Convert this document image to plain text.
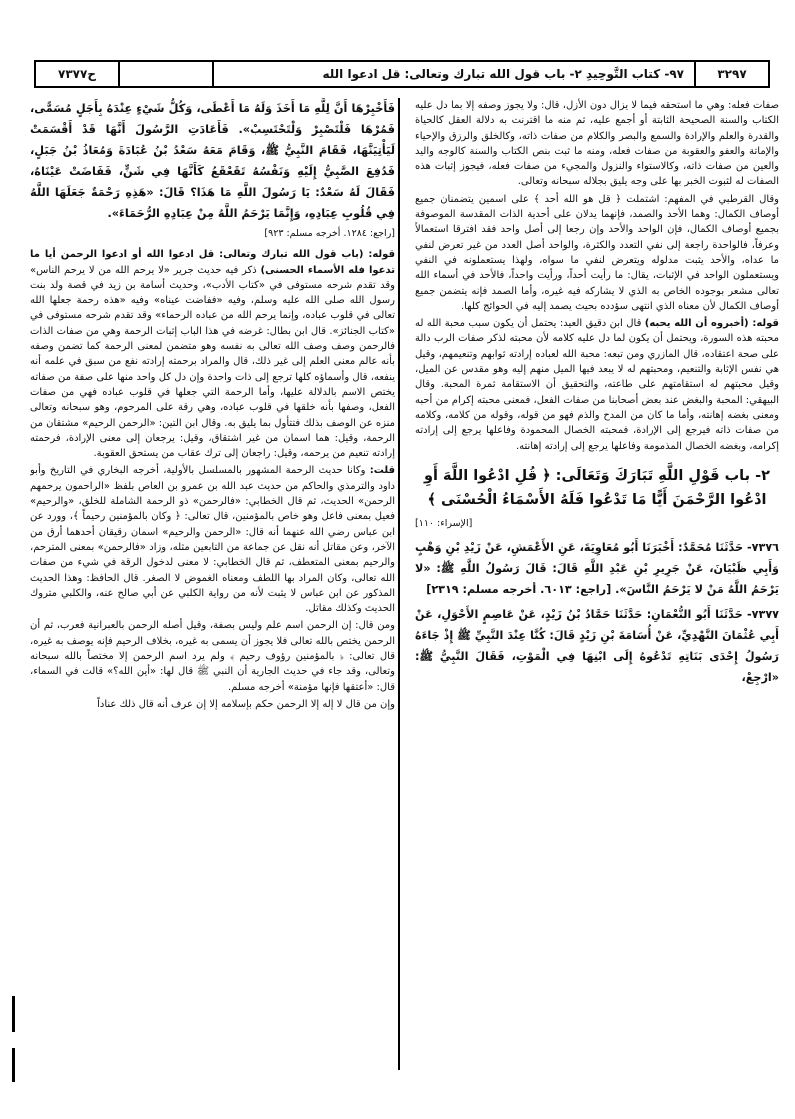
٣٢٩٧
٩٧- كتاب التَّوحِيدِ ٢- باب قول الله تبارك وتعالى: قل ادعوا الله
ح٧٣٧٧

صفات فعله: وهي ما استحقه فيما لا يزال دون الأزل، قال: ولا يجوز وصفه إلا بما دل عليه الكتاب والسنة الصحيحة الثابتة أو أجمع عليه، ثم منه ما اقترنت به دلالة العقل كالحياة والقدرة والعلم والإرادة والسمع والبصر والكلام من صفات ذاته، وكالخلق والرزق والإحياء والإماتة والعفو والعقوبة من صفات فعله، ومنه ما ثبت بنص الكتاب والسنة كالوجه واليد والعين من صفات ذاته، وكالاستواء والنزول والمجيء من صفات فعله، فيجوز إثبات هذه الصفات له لثبوت الخبر بها على وجه يليق بجلاله سبحانه وتعالى.

وقال القرطبي في المفهم: اشتملت ﴿ قل هو الله أحد ﴾ على اسمين يتضمنان جميع أوصاف الكمال: وهما الأحد والصمد، فإنهما يدلان على أحدية الذات المقدسة الموصوفة بجميع أوصاف الكمال، فإن الواحد والأحد وإن رجعا إلى أصل واحد فقد افترقا استعمالاً وعرفاً، فالواحدة راجعة إلى نفي التعدد والكثرة، والواحد أصل العدد من غير تعرض لنفي ما عداه، والأحد يثبت مدلوله ويتعرض لنفي ما سواه، ولهذا يستعملونه في النفي ويستعملون الواحد في الإثبات، يقال: ما رأيت أحداً، ورأيت واحداً، فالأحد في أسماء الله تعالى مشعر بوجوده الخاص به الذي لا يشاركه فيه غيره، وأما الصمد فإنه يتضمن جميع أوصاف الكمال لأن معناه الذي انتهى سؤدده بحيث يصمد إليه في الحوائج كلها.

قوله: (أخبروه أن الله يحبه) قال ابن دقيق العيد: يحتمل أن يكون سبب محبة الله له محبته هذه السورة، ويحتمل أن يكون لما دل عليه كلامه لأن محبته لذكر صفات الرب دالة على صحة اعتقاده، قال المازري ومن تبعه: محبة الله لعباده إرادته ثوابهم وتنعيمهم، وقيل هي نفس الإثابة والتنعيم، ومحبتهم له لا يبعد فيها الميل منهم إليه وهو مقدس عن الميل، وقيل محبتهم له استقامتهم على طاعته، والتحقيق أن الاستقامة ثمرة المحبة. وقال البيهقي: المحبة والبغض عند بعض أصحابنا من صفات الفعل، فمعنى محبته إكرام من أحبه ومعنى بغضه إهانته، وأما ما كان من المدح والذم فهو من قوله، وقوله من كلامه، وكلامه من صفات ذاته فيرجع إلى الإرادة، فمحبته الخصال المحمودة وفاعلها يرجع إلى إرادته إكرامه، وبغضه الخصال المذمومة وفاعلها يرجع إلى إرادته إهانته.

٢- باب قَوْلِ اللَّهِ تَبَارَكَ وَتَعَالَى: ﴿ قُلِ ادْعُوا اللَّهَ أَوِ ادْعُوا الرَّحْمَنَ أَيًّا مَا تَدْعُوا فَلَهُ الأَسْمَاءُ الْحُسْنَى ﴾

[الإسراء: ١١٠]

٧٣٧٦- حَدَّثَنَا مُحَمَّدٌ: أَخْبَرَنَا أَبُو مُعَاوِيَةَ، عَنِ الأَعْمَشِ، عَنْ زَيْدِ بْنِ وَهْبٍ وَأَبِي ظَبْيَانَ، عَنْ جَرِيرِ بْنِ عَبْدِ اللَّهِ قَالَ: قَالَ رَسُولُ اللَّهِ ﷺ: «لا يَرْحَمُ اللَّهُ مَنْ لا يَرْحَمُ النَّاسَ». [راجع: ٦٠١٣. أخرجه مسلم: ٢٣١٩]

٧٣٧٧- حَدَّثَنَا أَبُو النُّعْمَانِ: حَدَّثَنَا حَمَّادُ بْنُ زَيْدٍ، عَنْ عَاصِمٍ الأَحْوَلِ، عَنْ أَبِي عُثْمَانَ النَّهْدِيِّ، عَنْ أُسَامَةَ بْنِ زَيْدٍ قَالَ: كُنَّا عِنْدَ النَّبِيِّ ﷺ إِذْ جَاءَهُ رَسُولُ إِحْدَى بَنَاتِهِ تَدْعُوهُ إِلَى ابْنِهَا فِي الْمَوْتِ، فَقَالَ النَّبِيُّ ﷺ: «ارْجِعْ،

فَأَخْبِرْهَا أَنَّ لِلَّهِ مَا أَخَذَ وَلَهُ مَا أَعْطَى، وَكُلُّ شَيْءٍ عِنْدَهُ بِأَجَلٍ مُسَمًّى، فَمُرْهَا فَلْتَصْبِرْ وَلْتَحْتَسِبْ». فَأَعَادَتِ الرَّسُولَ أَنَّهَا قَدْ أَقْسَمَتْ لَيَأْتِيَنَّهَا، فَقَامَ النَّبِيُّ ﷺ، وَقَامَ مَعَهُ سَعْدُ بْنُ عُبَادَةَ وَمُعَاذُ بْنُ جَبَلٍ، فَدُفِعَ الصَّبِيُّ إِلَيْهِ وَنَفْسُهُ تَقَعْقَعُ كَأَنَّهَا فِي شَنٍّ، فَفَاضَتْ عَيْنَاهُ، فَقَالَ لَهُ سَعْدٌ: يَا رَسُولَ اللَّهِ مَا هَذَا؟ قَالَ: «هَذِهِ رَحْمَةٌ جَعَلَهَا اللَّهُ فِي قُلُوبِ عِبَادِهِ، وَإِنَّمَا يَرْحَمُ اللَّهُ مِنْ عِبَادِهِ الرُّحَمَاءَ».

[راجع: ١٢٨٤. أخرجه مسلم: ٩٢٣]

قوله: (باب قول الله تبارك وتعالى: قل ادعوا الله أو ادعوا الرحمن أيا ما تدعوا فله الأسماء الحسنى) ذكر فيه حديث جرير «لا يرحم الله من لا يرحم الناس» وقد تقدم شرحه مستوفى في «كتاب الأدب»، وحديث أسامة بن زيد في قصة ولد بنت رسول الله صلى الله عليه وسلم، وفيه «ففاضت عيناه» وفيه «هذه رحمة جعلها الله تعالى في قلوب عباده، وإنما يرحم الله من عباده الرحماء» وقد تقدم شرحه مستوفى في «كتاب الجنائز». قال ابن بطال: غرضه في هذا الباب إثبات الرحمة وهي من صفات الذات فالرحمن وصف وصف الله تعالى به نفسه وهو متضمن لمعنى الرحمة كما تضمن وصفه بأنه عالم معنى العلم إلى غير ذلك، قال والمراد برحمته إرادته نفع من سبق في علمه أنه ينفعه، قال وأسماؤه كلها ترجع إلى ذات واحدة وإن دل كل واحد منها على صفة من صفاته يختص الاسم بالدلالة عليها، وأما الرحمة التي جعلها في قلوب عباده فهي من صفات الفعل، وصفها بأنه خلقها في قلوب عباده، وهي رقة على المرحوم، وهو سبحانه وتعالى منزه عن الوصف بذلك فتتأول بما يليق به. وقال ابن التين: «الرحمن الرحيم» مشتقان من الرحمة، وقيل: هما اسمان من غير اشتقاق، وقيل: يرجعان إلى معنى الإرادة، فرحمته إرادته تنعيم من يرحمه، وقيل: راجعان إلى ترك عقاب من يستحق العقوبة.

قلت: وكانا حديث الرحمة المشهور بالمسلسل بالأولية، أخرجه البخاري في التاريخ وأبو داود والترمذي والحاكم من حديث عبد الله بن عمرو بن العاص بلفظ «الراحمون يرحمهم الرحمن» الحديث، ثم قال الخطابي: «فالرحمن» ذو الرحمة الشاملة للخلق، «والرحيم» فعيل بمعنى فاعل وهو خاص بالمؤمنين، قال تعالى: ﴿ وكان بالمؤمنين رحيماً ﴾، وورد عن ابن عباس رضي الله عنهما أنه قال: «الرحمن والرحيم» اسمان رقيقان أحدهما أرق من الآخر، وعن مقاتل أنه نقل عن جماعة من التابعين مثله، وزاد «فالرحمن» بمعنى المترحم، والرحيم بمعنى المتعطف، ثم قال الخطابي: لا معنى لدخول الرقة في شيء من صفات الله تعالى، وكان المراد بها اللطف ومعناه الغموض لا الصغر. قال الحافظ: وهذا الحديث المذكور عن ابن عباس لا يثبت لأنه من رواية الكلبي عن أبي صالح عنه، والكلبي متروك الحديث وكذلك مقاتل.

ومن قال: إن الرحمن اسم علم وليس بصفة، وقيل أصله الرحمن بالعبرانية فعرب، ثم أن الرحمن يختص بالله تعالى فلا يجوز أن يسمى به غيره، بخلاف الرحيم فإنه يوصف به غيره، قال تعالى: ﴿ بالمؤمنين رؤوف رحيم ﴾ ولم يرد اسم الرحمن إلا مختصاً بالله سبحانه وتعالى، وقد جاء في حديث الجارية أن النبي ﷺ قال لها: «أين الله؟» قالت في السماء، قال: «أعتقها فإنها مؤمنة» أخرجه مسلم.

وإن من قال لا إله إلا الرحمن حكم بإسلامه إلا إن عرف أنه قال ذلك عناداً
